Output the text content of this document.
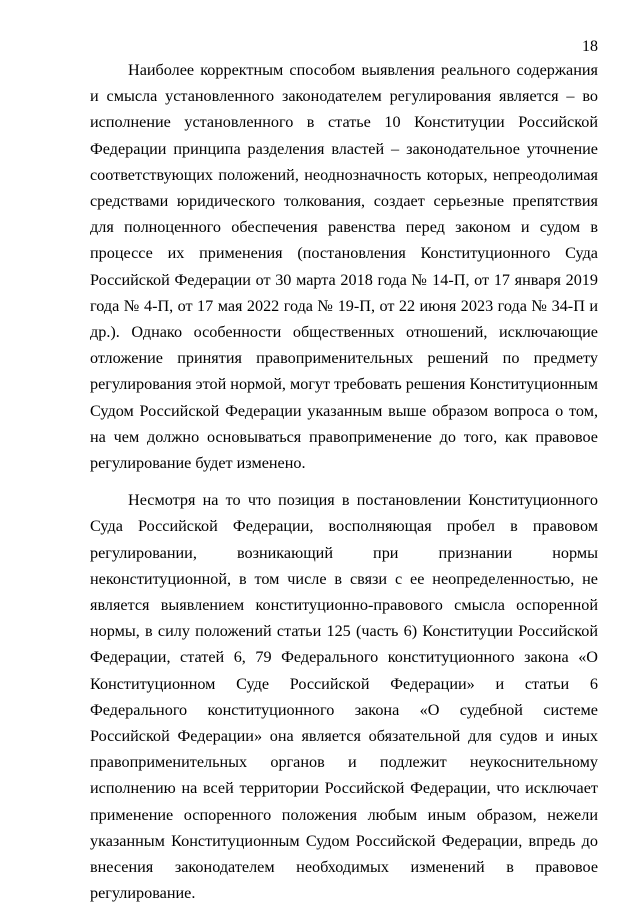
18

Наиболее корректным способом выявления реального содержания и смысла установленного законодателем регулирования является – во исполнение установленного в статье 10 Конституции Российской Федерации принципа разделения властей – законодательное уточнение соответствующих положений, неоднозначность которых, непреодолимая средствами юридического толкования, создает серьезные препятствия для полноценного обеспечения равенства перед законом и судом в процессе их применения (постановления Конституционного Суда Российской Федерации от 30 марта 2018 года № 14-П, от 17 января 2019 года № 4-П, от 17 мая 2022 года № 19-П, от 22 июня 2023 года № 34-П и др.). Однако особенности общественных отношений, исключающие отложение принятия правоприменительных решений по предмету регулирования этой нормой, могут требовать решения Конституционным Судом Российской Федерации указанным выше образом вопроса о том, на чем должно основываться правоприменение до того, как правовое регулирование будет изменено.

Несмотря на то что позиция в постановлении Конституционного Суда Российской Федерации, восполняющая пробел в правовом регулировании, возникающий при признании нормы неконституционной, в том числе в связи с ее неопределенностью, не является выявлением конституционно-правового смысла оспоренной нормы, в силу положений статьи 125 (часть 6) Конституции Российской Федерации, статей 6, 79 Федерального конституционного закона «О Конституционном Суде Российской Федерации» и статьи 6 Федерального конституционного закона «О судебной системе Российской Федерации» она является обязательной для судов и иных правоприменительных органов и подлежит неукоснительному исполнению на всей территории Российской Федерации, что исключает применение оспоренного положения любым иным образом, нежели указанным Конституционным Судом Российской Федерации, впредь до внесения законодателем необходимых изменений в правовое регулирование.
